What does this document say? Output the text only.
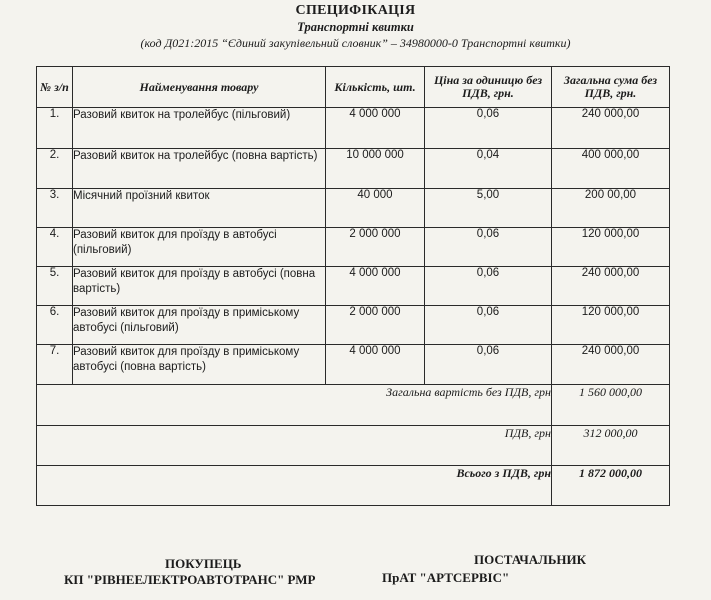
СПЕЦИФІКАЦІЯ
Транспортні квитки
(код Д021:2015 “Єдиний закупівельний словник” – 34980000-0 Транспортні квитки)
№ з/п	Найменування товару	Кількість, шт.	Ціна за одиницю без ПДВ, грн.	Загальна сума без ПДВ, грн.
1.	Разовий квиток на тролейбус (пільговий)	4 000 000	0,06	240 000,00
2.	Разовий квиток на тролейбус (повна вартість)	10 000 000	0,04	400 000,00
3.	Місячний проїзний квиток	40 000	5,00	200 00,00
4.	Разовий квиток для проїзду в автобусі (пільговий)	2 000 000	0,06	120 000,00
5.	Разовий квиток для проїзду в автобусі (повна вартість)	4 000 000	0,06	240 000,00
6.	Разовий квиток для проїзду в приміському автобусі (пільговий)	2 000 000	0,06	120 000,00
7.	Разовий квиток для проїзду в приміському автобусі (повна вартість)	4 000 000	0,06	240 000,00
Загальна вартість без ПДВ, грн				1 560 000,00
ПДВ, грн				312 000,00
Всього з ПДВ, грн				1 872 000,00
ПОКУПЕЦЬ
КП "РІВНЕЕЛЕКТРОАВТОТРАНС" РМР
ПОСТАЧАЛЬНИК
ПрАТ "АРТСЕРВІС"
